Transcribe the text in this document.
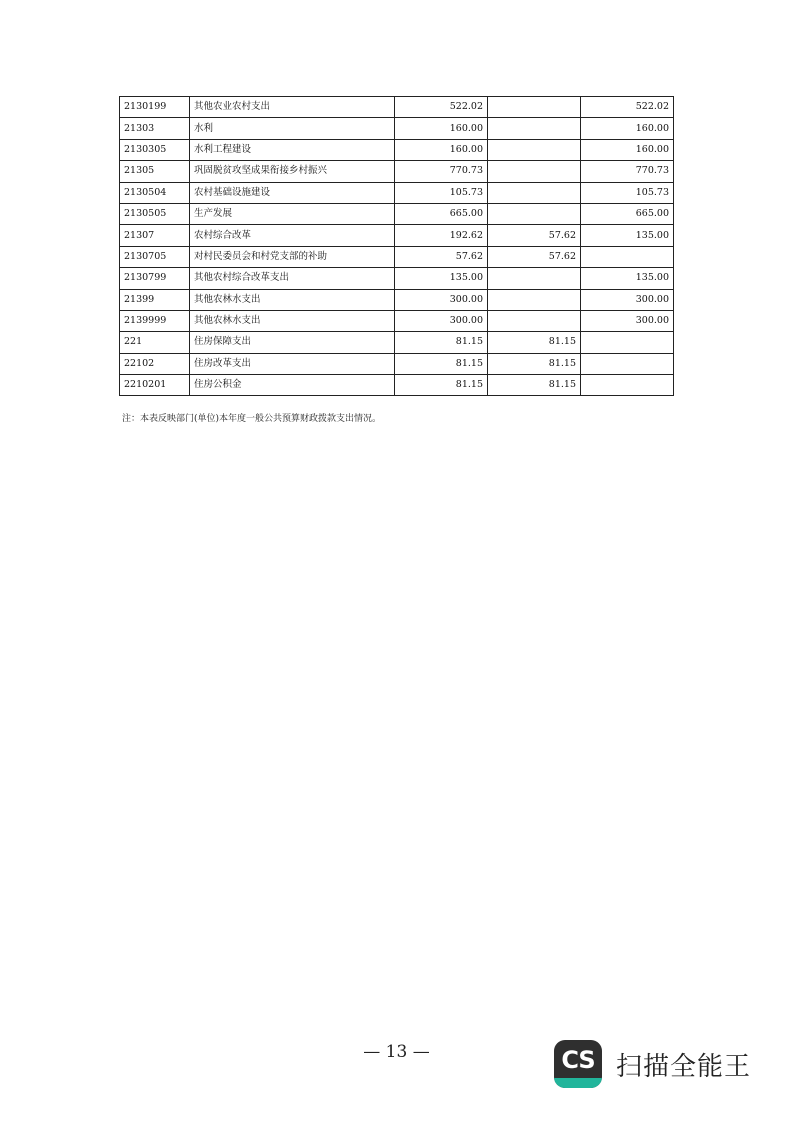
2130199	其他农业农村支出	522.02		522.02
21303	水利	160.00		160.00
2130305	水利工程建设	160.00		160.00
21305	巩固脱贫攻坚成果衔接乡村振兴	770.73		770.73
2130504	农村基础设施建设	105.73		105.73
2130505	生产发展	665.00		665.00
21307	农村综合改革	192.62	57.62	135.00
2130705	对村民委员会和村党支部的补助	57.62	57.62	
2130799	其他农村综合改革支出	135.00		135.00
21399	其他农林水支出	300.00		300.00
2139999	其他农林水支出	300.00		300.00
221	住房保障支出	81.15	81.15	
22102	住房改革支出	81.15	81.15	
2210201	住房公积金	81.15	81.15	
注：本表反映部门(单位)本年度一般公共预算财政拨款支出情况。
— 13 —	CS 扫描全能王
